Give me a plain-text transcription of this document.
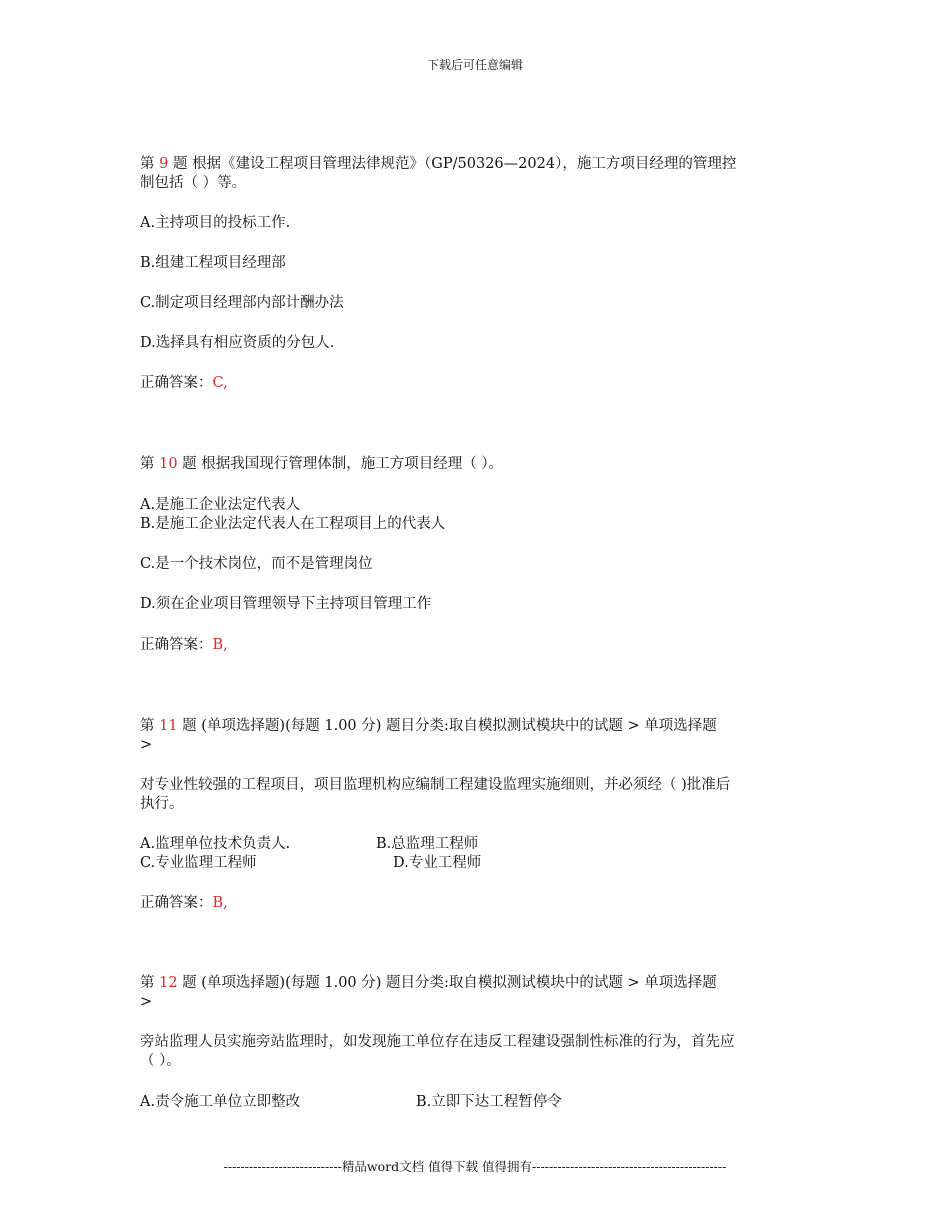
下载后可任意编辑
第 9 题 根据《建设工程项目管理法律规范》（GP/50326—2024），施工方项目经理的管理控
制包括（ ）等。
A.主持项目的投标工作.
B.组建工程项目经理部
C.制定项目经理部内部计酬办法
D.选择具有相应资质的分包人.
正确答案：C,
第 10 题 根据我国现行管理体制，施工方项目经理（ ）。
A.是施工企业法定代表人
B.是施工企业法定代表人在工程项目上的代表人
C.是一个技术岗位，而不是管理岗位
D.须在企业项目管理领导下主持项目管理工作
正确答案：B,
第 11 题 (单项选择题)(每题 1.00 分) 题目分类:取自模拟测试模块中的试题 > 单项选择题
>
对专业性较强的工程项目，项目监理机构应编制工程建设监理实施细则，并必须经（ )批准后
执行。
A.监理单位技术负责人.	B.总监理工程师
C.专业监理工程师	D.专业工程师
正确答案：B,
第 12 题 (单项选择题)(每题 1.00 分) 题目分类:取自模拟测试模块中的试题 > 单项选择题
>
旁站监理人员实施旁站监理时，如发现施工单位存在违反工程建设强制性标准的行为，首先应
（ ）。
A.责令施工单位立即整改	B.立即下达工程暂停令
----------------------------精品word文档 值得下载 值得拥有----------------------------------------------
